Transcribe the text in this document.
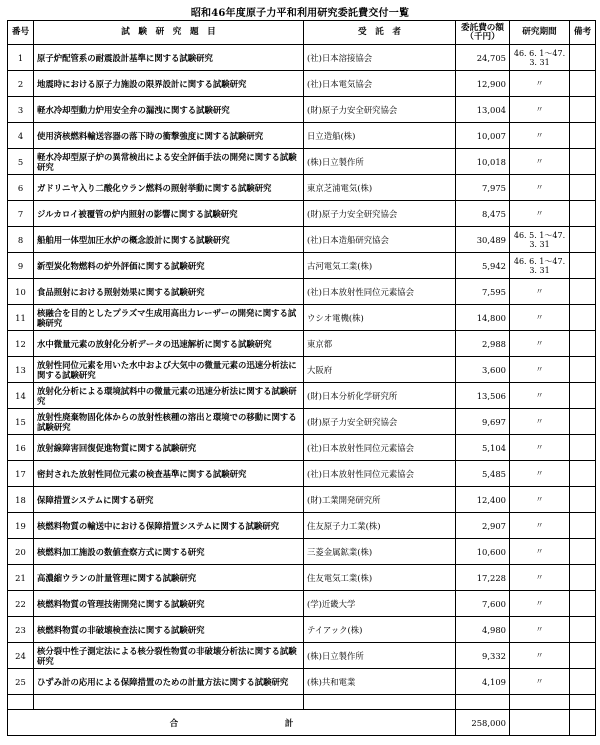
昭和46年度原子力平和利用研究委託費交付一覧
番号	試　験　研　究　題　目	受　託　者	委託費の額（千円）	研究期間	備考
1	原子炉配管系の耐震設計基準に関する試験研究	(社)日本溶接協会	24,705	46. 6. 1～47. 3. 31	
2	地震時における原子力施設の限界設計に関する試験研究	(社)日本電気協会	12,900	〃	
3	軽水冷却型動力炉用安全弁の漏洩に関する試験研究	(財)原子力安全研究協会	13,004	〃	
4	使用済核燃料輸送容器の落下時の衝撃強度に関する試験研究	日立造船(株)	10,007	〃	
5	軽水冷却型原子炉の異常検出による安全評価手法の開発に関する試験研究	(株)日立製作所	10,018	〃	
6	ガドリニヤ入り二酸化ウラン燃料の照射挙動に関する試験研究	東京芝浦電気(株)	7,975	〃	
7	ジルカロイ被覆管の炉内照射の影響に関する試験研究	(財)原子力安全研究協会	8,475	〃	
8	船舶用一体型加圧水炉の概念設計に関する試験研究	(社)日本造船研究協会	30,489	46. 5. 1～47. 3. 31	
9	新型炭化物燃料の炉外評価に関する試験研究	古河電気工業(株)	5,942	46. 6. 1～47. 3. 31	
10	食品照射における照射効果に関する試験研究	(社)日本放射性同位元素協会	7,595	〃	
11	核融合を目的としたプラズマ生成用高出力レーザーの開発に関する試験研究	ウシオ電機(株)	14,800	〃	
12	水中微量元素の放射化分析データの迅速解析に関する試験研究	東京都	2,988	〃	
13	放射性同位元素を用いた水中および大気中の微量元素の迅速分析法に関する試験研究	大阪府	3,600	〃	
14	放射化分析による環境試料中の微量元素の迅速分析法に関する試験研究	(財)日本分析化学研究所	13,506	〃	
15	放射性廃棄物固化体からの放射性核種の溶出と環境での移動に関する試験研究	(財)原子力安全研究協会	9,697	〃	
16	放射線障害回復促進物質に関する試験研究	(社)日本放射性同位元素協会	5,104	〃	
17	密封された放射性同位元素の検査基準に関する試験研究	(社)日本放射性同位元素協会	5,485	〃	
18	保障措置システムに関する研究	(財)工業開発研究所	12,400	〃	
19	核燃料物質の輸送中における保障措置システムに関する試験研究	住友原子力工業(株)	2,907	〃	
20	核燃料加工施設の数値査察方式に関する研究	三菱金属鉱業(株)	10,600	〃	
21	高濃縮ウランの計量管理に関する試験研究	住友電気工業(株)	17,228	〃	
22	核燃料物質の管理技術開発に関する試験研究	(学)近畿大学	7,600	〃	
23	核燃料物質の非破壊検査法に関する試験研究	テイアック(株)	4,980	〃	
24	核分裂中性子測定法による核分裂性物質の非破壊分析法に関する試験研究	(株)日立製作所	9,332	〃	
25	ひずみ計の応用による保障措置のための計量方法に関する試験研究	(株)共和電業	4,109	〃	

合　　計			258,000		
